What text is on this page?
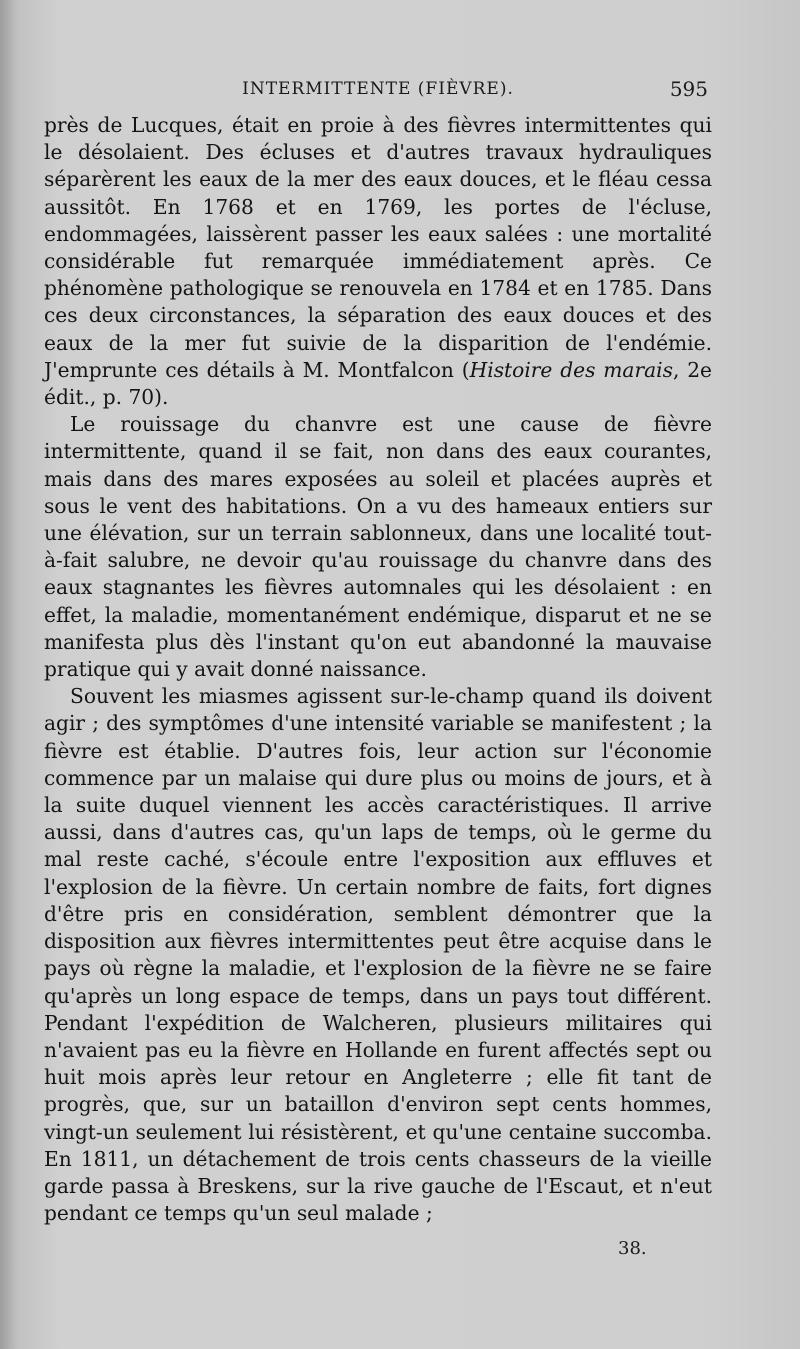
INTERMITTENTE (FIÈVRE).	595

près de Lucques, était en proie à des fièvres intermittentes qui le désolaient. Des écluses et d'autres travaux hydrauliques séparèrent les eaux de la mer des eaux douces, et le fléau cessa aussitôt. En 1768 et en 1769, les portes de l'écluse, endommagées, laissèrent passer les eaux salées : une mortalité considérable fut remarquée immédiatement après. Ce phénomène pathologique se renouvela en 1784 et en 1785. Dans ces deux circonstances, la séparation des eaux douces et des eaux de la mer fut suivie de la disparition de l'endémie. J'emprunte ces détails à M. Montfalcon (Histoire des marais, 2e édit., p. 70).

Le rouissage du chanvre est une cause de fièvre intermittente, quand il se fait, non dans des eaux courantes, mais dans des mares exposées au soleil et placées auprès et sous le vent des habitations. On a vu des hameaux entiers sur une élévation, sur un terrain sablonneux, dans une localité tout-à-fait salubre, ne devoir qu'au rouissage du chanvre dans des eaux stagnantes les fièvres automnales qui les désolaient : en effet, la maladie, momentanément endémique, disparut et ne se manifesta plus dès l'instant qu'on eut abandonné la mauvaise pratique qui y avait donné naissance.

Souvent les miasmes agissent sur-le-champ quand ils doivent agir ; des symptômes d'une intensité variable se manifestent ; la fièvre est établie. D'autres fois, leur action sur l'économie commence par un malaise qui dure plus ou moins de jours, et à la suite duquel viennent les accès caractéristiques. Il arrive aussi, dans d'autres cas, qu'un laps de temps, où le germe du mal reste caché, s'écoule entre l'exposition aux effluves et l'explosion de la fièvre. Un certain nombre de faits, fort dignes d'être pris en considération, semblent démontrer que la disposition aux fièvres intermittentes peut être acquise dans le pays où règne la maladie, et l'explosion de la fièvre ne se faire qu'après un long espace de temps, dans un pays tout différent. Pendant l'expédition de Walcheren, plusieurs militaires qui n'avaient pas eu la fièvre en Hollande en furent affectés sept ou huit mois après leur retour en Angleterre ; elle fit tant de progrès, que, sur un bataillon d'environ sept cents hommes, vingt-un seulement lui résistèrent, et qu'une centaine succomba. En 1811, un détachement de trois cents chasseurs de la vieille garde passa à Breskens, sur la rive gauche de l'Escaut, et n'eut pendant ce temps qu'un seul malade ;

38.
